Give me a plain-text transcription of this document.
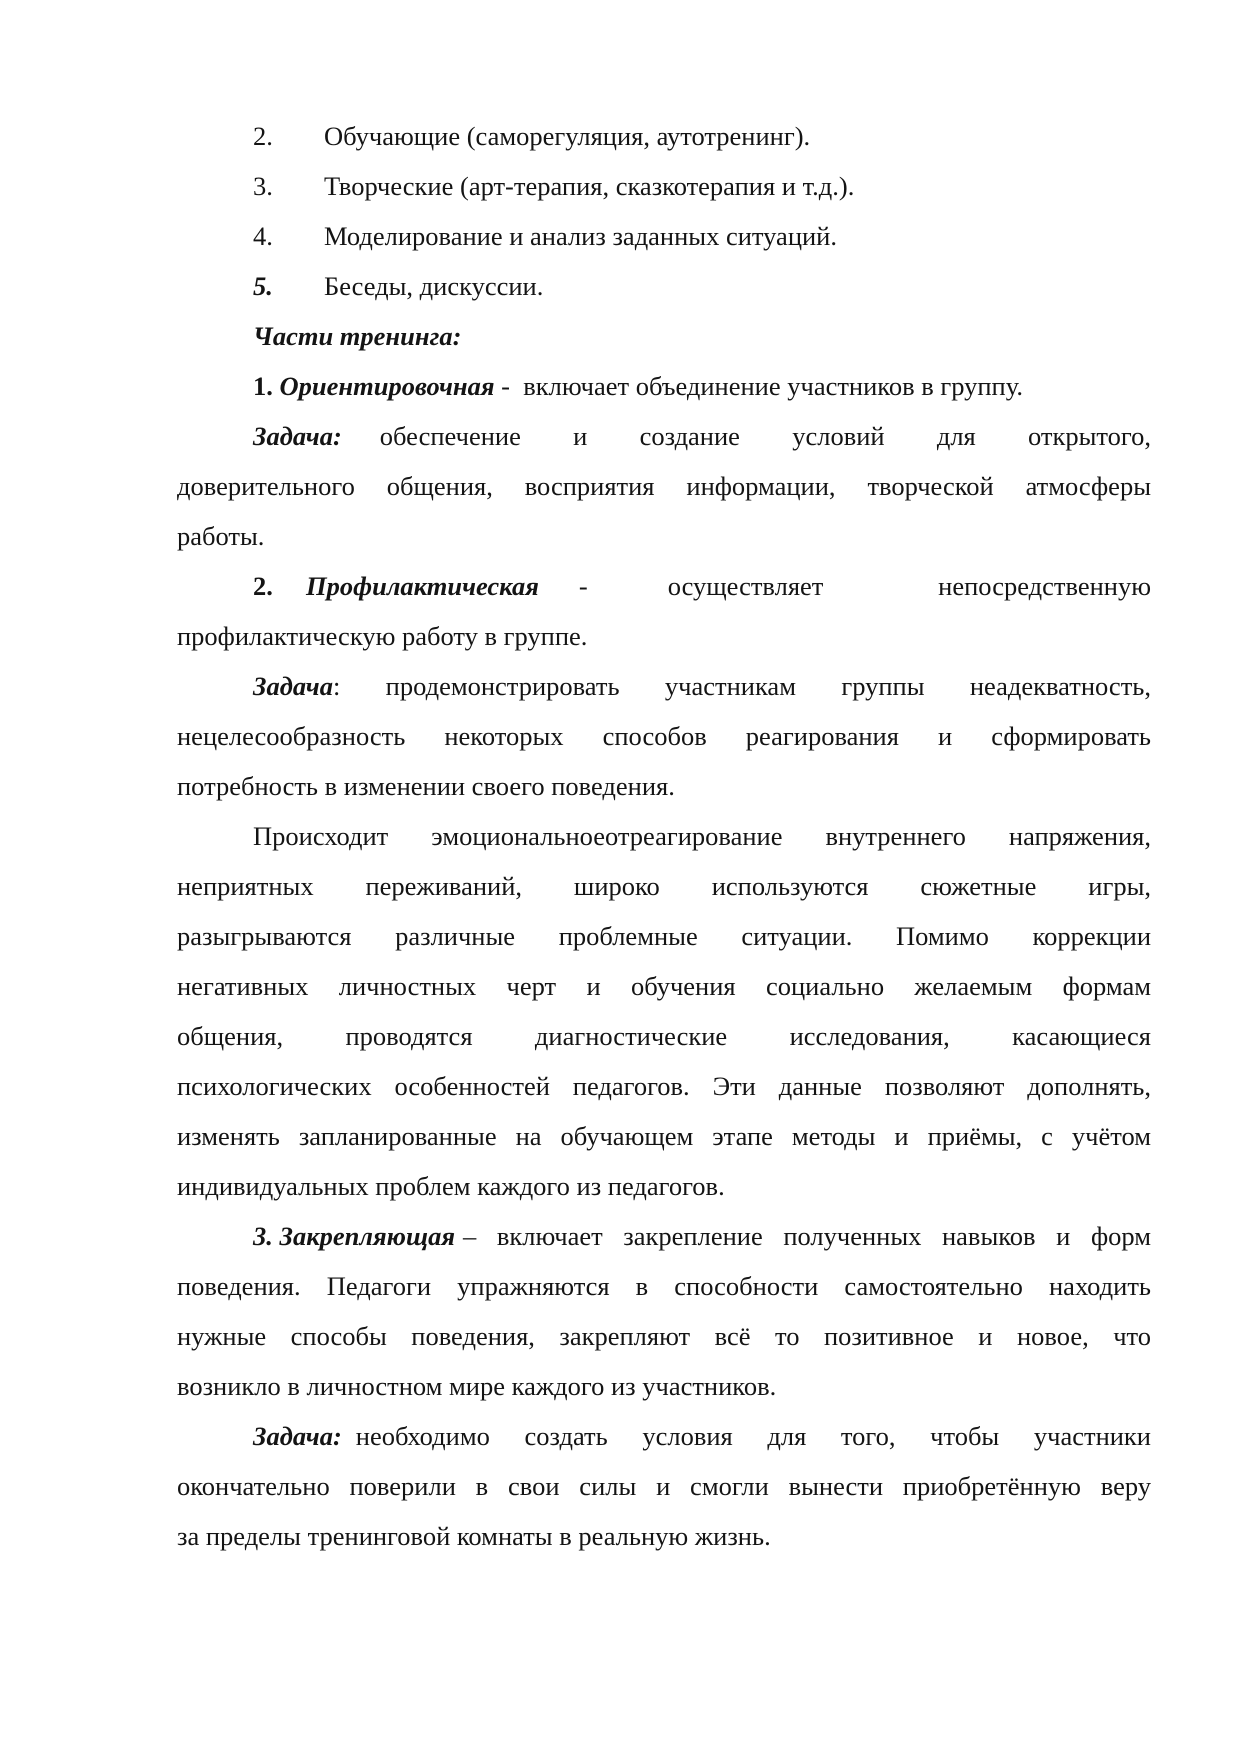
2. Обучающие (саморегуляция, аутотренинг).
3. Творческие (арт-терапия, сказкотерапия и т.д.).
4. Моделирование и анализ заданных ситуаций.
5. Беседы, дискуссии.
Части тренинга:
1. Ориентировочная - включает объединение участников в группу.
Задача: обеспечение и создание условий для открытого,
доверительного общения, восприятия информации, творческой атмосферы
работы.
2. Профилактическая -	осуществляет непосредственную
профилактическую работу в группе.
Задача : продемонстрировать участникам группы неадекватность,
нецелесообразность некоторых способов реагирования и сформировать
потребность в изменении своего поведения.
Происходит эмоциональноеотреагирование внутреннего напряжения,
неприятных переживаний, широко используются сюжетные игры,
разыгрываются различные проблемные ситуации. Помимо коррекции
негативных личностных черт и обучения социально желаемым формам
общения, проводятся диагностические исследования, касающиеся
психологических особенностей педагогов. Эти данные позволяют дополнять,
изменять запланированные на обучающем этапе методы и приёмы, с учётом
индивидуальных проблем каждого из педагогов.
3. Закрепляющая – включает закрепление полученных навыков и форм
поведения. Педагоги упражняются в способности самостоятельно находить
нужные способы поведения, закрепляют всё то позитивное и новое, что
возникло в личностном мире каждого из участников.
Задача: необходимо создать условия для того, чтобы участники
окончательно поверили в свои силы и смогли вынести приобретённую веру
за пределы тренинговой комнаты в реальную жизнь.
